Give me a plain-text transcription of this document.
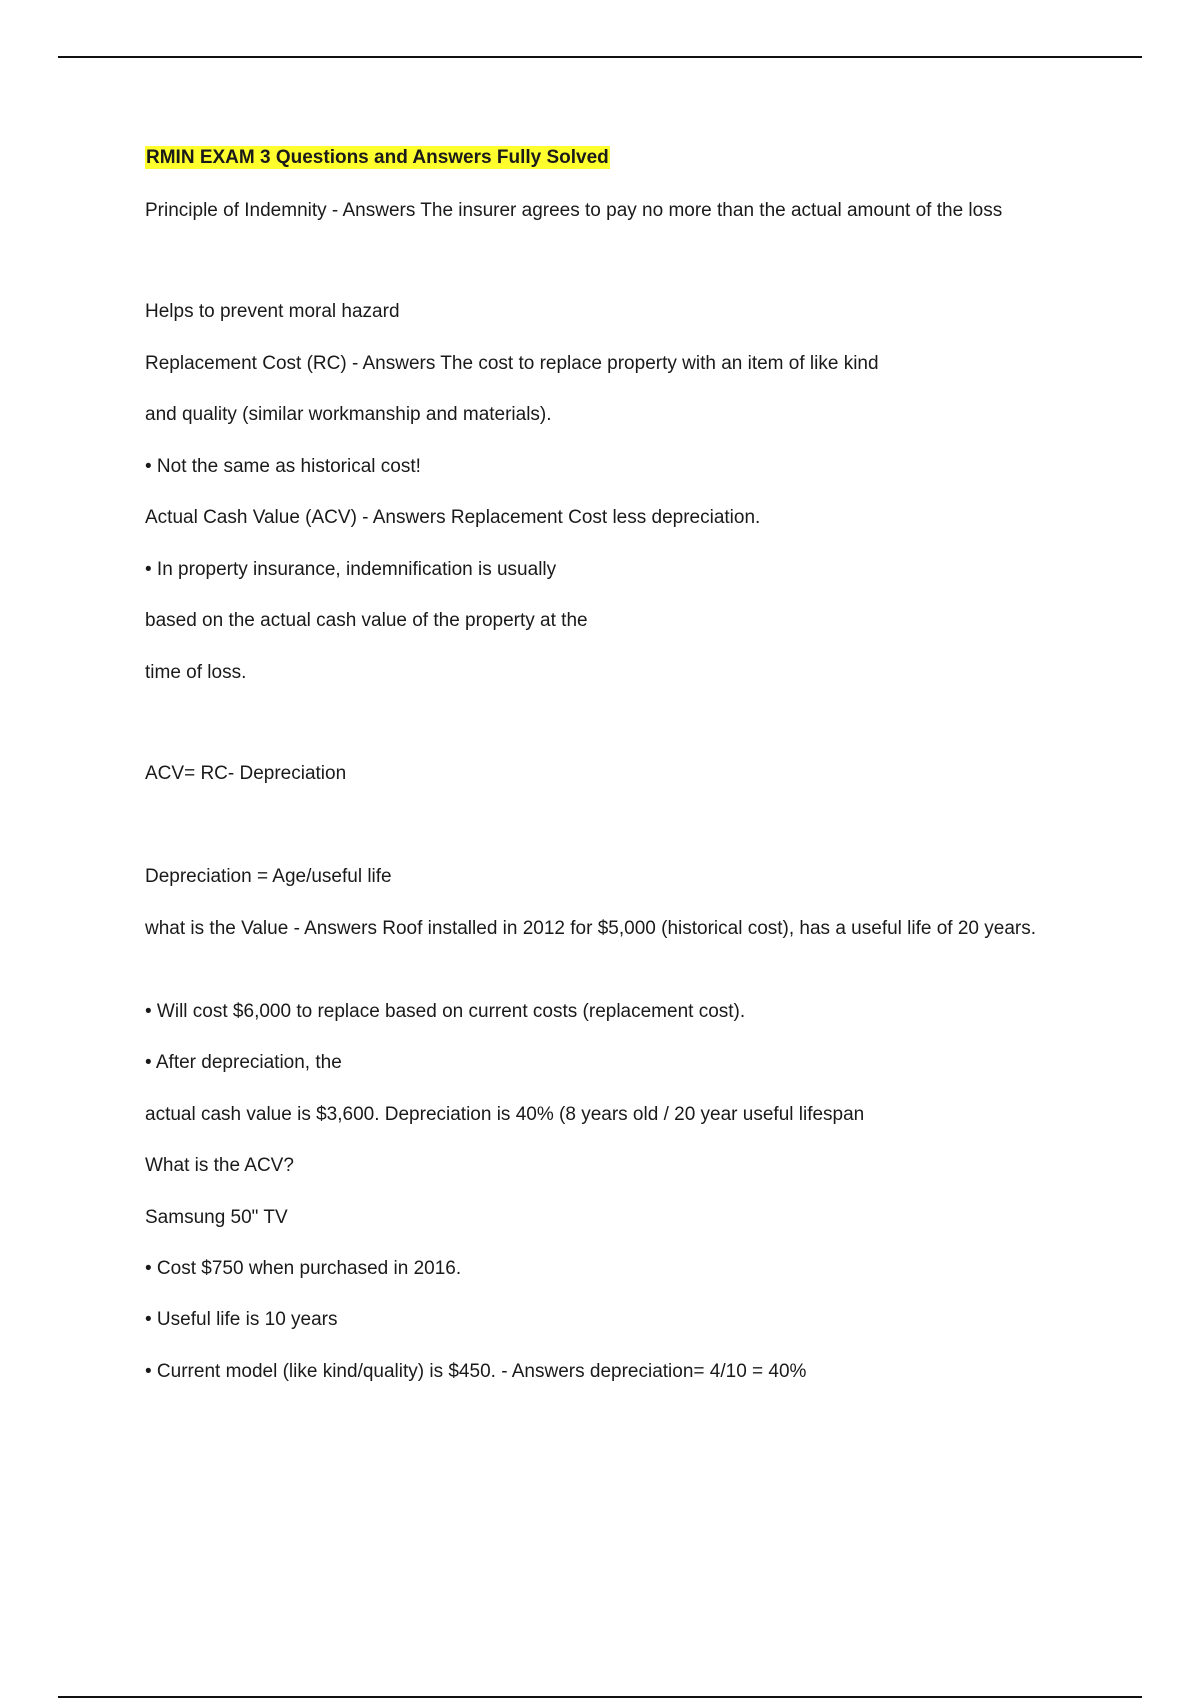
RMIN EXAM 3 Questions and Answers Fully Solved
Principle of Indemnity - Answers The insurer agrees to pay no more than the actual amount of the loss
Helps to prevent moral hazard
Replacement Cost (RC) - Answers The cost to replace property with an item of like kind
and quality (similar workmanship and materials).
• Not the same as historical cost!
Actual Cash Value (ACV) - Answers Replacement Cost less depreciation.
• In property insurance, indemnification is usually
based on the actual cash value of the property at the
time of loss.
ACV= RC- Depreciation
Depreciation = Age/useful life
what is the Value - Answers Roof installed in 2012 for $5,000 (historical cost), has a useful life of 20 years.
• Will cost $6,000 to replace based on current costs (replacement cost).
• After depreciation, the
actual cash value is $3,600. Depreciation is 40% (8 years old / 20 year useful lifespan
What is the ACV?
Samsung 50" TV
• Cost $750 when purchased in 2016.
• Useful life is 10 years
• Current model (like kind/quality) is $450. - Answers depreciation= 4/10 = 40%
